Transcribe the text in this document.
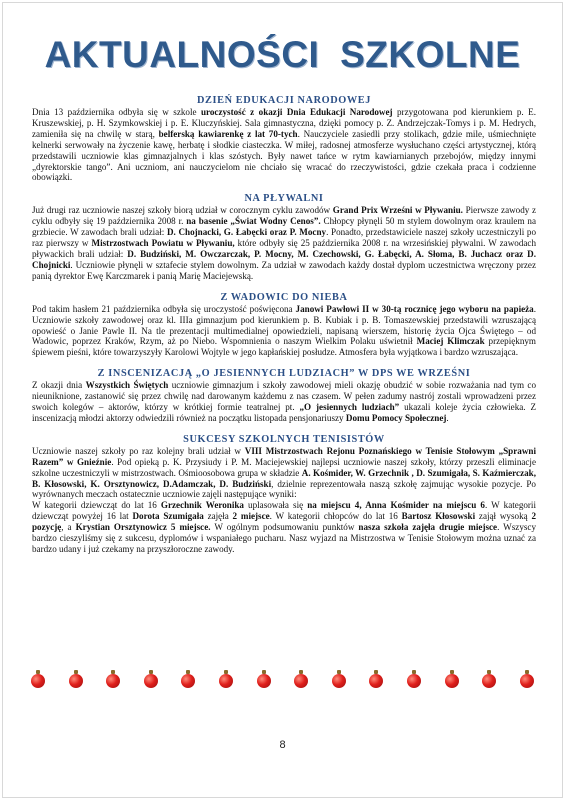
AKTUALNOŚCI SZKOLNE
DZIEŃ EDUKACJI NARODOWEJ

Dnia 13 października odbyła się w szkole uroczystość z okazji Dnia Edukacji Narodowej przygotowana pod kierunkiem p. E. Kruszewskiej, p. H. Szymkowskiej i p. E. Kluczyńskiej. Sala gimnastyczna, dzięki pomocy p. Z. Andrzejczak-Tomys i p. M. Hedrych, zamieniła się na chwilę w starą, belferską kawiarenkę z lat 70-tych. Nauczyciele zasiedli przy stolikach, gdzie mile, uśmiechnięte kelnerki serwowały na życzenie kawę, herbatę i słodkie ciasteczka. W miłej, radosnej atmosferze wysłuchano części artystycznej, którą przedstawili uczniowie klas gimnazjalnych i klas szóstych. Były nawet tańce w rytm kawiarnianych przebojów, między innymi „dyrektorskie tango”. Ani uczniom, ani nauczycielom nie chciało się wracać do rzeczywistości, gdzie czekała praca i codzienne obowiązki.

NA PŁYWALNI

Już drugi raz uczniowie naszej szkoły biorą udział w corocznym cyklu zawodów Grand Prix Wrześni w Pływaniu. Pierwsze zawody z cyklu odbyły się 19 października 2008 r. na basenie „Świat Wodny Cenos”. Chłopcy płynęli 50 m stylem dowolnym oraz kraulem na grzbiecie. W zawodach brali udział: D. Chojnacki, G. Łabęcki oraz P. Mocny. Ponadto, przedstawiciele naszej szkoły uczestniczyli po raz pierwszy w Mistrzostwach Powiatu w Pływaniu, które odbyły się 25 października 2008 r. na wrzesińskiej pływalni. W zawodach pływackich brali udział: D. Budziński, M. Owczarczak, P. Mocny, M. Czechowski, G. Łabęcki, A. Słoma, B. Juchacz oraz D. Chojnicki. Uczniowie płynęli w sztafecie stylem dowolnym. Za udział w zawodach każdy dostał dyplom uczestnictwa wręczony przez panią dyrektor Ewę Karczmarek i panią Marię Maciejewską.

Z WADOWIC DO NIEBA

Pod takim hasłem 21 października odbyła się uroczystość poświęcona Janowi Pawłowi II w 30-tą rocznicę jego wyboru na papieża. Uczniowie szkoły zawodowej oraz kl. IIIa gimnazjum pod kierunkiem p. B. Kubiak i p. B. Tomaszewskiej przedstawili wzruszającą opowieść o Janie Pawle II. Na tle prezentacji multimedialnej opowiedzieli, napisaną wierszem, historię życia Ojca Świętego – od Wadowic, poprzez Kraków, Rzym, aż po Niebo. Wspomnienia o naszym Wielkim Polaku uświetnił Maciej Klimczak przepięknym śpiewem pieśni, które towarzyszyły Karolowi Wojtyle w jego kapłańskiej posłudze. Atmosfera była wyjątkowa i bardzo wzruszająca.

Z INSCENIZACJĄ „O JESIENNYCH LUDZIACH” W DPS WE WRZEŚNI

Z okazji dnia Wszystkich Świętych uczniowie gimnazjum i szkoły zawodowej mieli okazję obudzić w sobie rozważania nad tym co nieuniknione, zastanowić się przez chwilę nad darowanym każdemu z nas czasem. W pełen zadumy nastrój zostali wprowadzeni przez swoich kolegów – aktorów, którzy w krótkiej formie teatralnej pt. „O jesiennych ludziach” ukazali koleje życia człowieka. Z inscenizacją młodzi aktorzy odwiedzili również na początku listopada pensjonariuszy Domu Pomocy Społecznej.

SUKCESY SZKOLNYCH TENISISTÓW

Uczniowie naszej szkoły po raz kolejny brali udział w VIII Mistrzostwach Rejonu Poznańskiego w Tenisie Stołowym „Sprawni Razem” w Gnieźnie. Pod opieką p. K. Przysiudy i P. M. Maciejewskiej najlepsi uczniowie naszej szkoły, którzy przeszli eliminacje szkolne uczestniczyli w mistrzostwach. Ośmioosobowa grupa w składzie A. Kośmider, W. Grzechnik , D. Szumigała, S. Kaźmierczak, B. Kłosowski, K. Orsztynowicz, D.Adamczak, D. Budziński, dzielnie reprezentowała naszą szkołę zajmując wysokie pozycje. Po wyrównanych meczach ostatecznie uczniowie zajęli następujące wyniki:

W kategorii dziewcząt do lat 16 Grzechnik Weronika uplasowała się na miejscu 4, Anna Kośmider na miejscu 6. W kategorii dziewcząt powyżej 16 lat Dorota Szumigała zajęła 2 miejsce. W kategorii chłopców do lat 16 Bartosz Kłosowski zajął wysoką 2 pozycję, a Krystian Orsztynowicz 5 miejsce. W ogólnym podsumowaniu punktów nasza szkoła zajęła drugie miejsce. Wszyscy bardzo cieszyliśmy się z sukcesu, dyplomów i wspaniałego pucharu. Nasz wyjazd na Mistrzostwa w Tenisie Stołowym można uznać za bardzo udany i już czekamy na przyszłoroczne zawody.

8
